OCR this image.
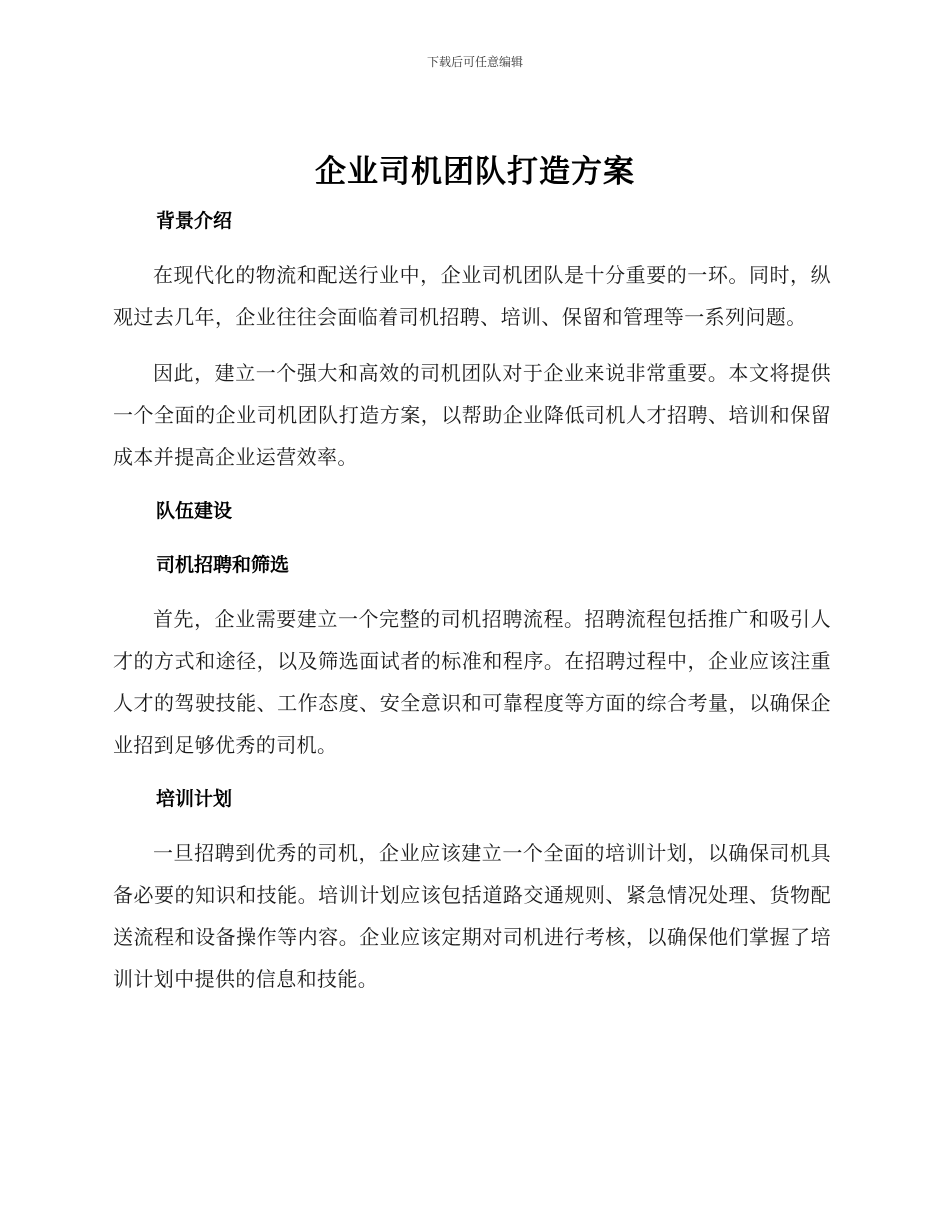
下载后可任意编辑
企业司机团队打造方案
背景介绍

在现代化的物流和配送行业中，企业司机团队是十分重要的一环。同时，纵观过去几年，企业往往会面临着司机招聘、培训、保留和管理等一系列问题。

因此，建立一个强大和高效的司机团队对于企业来说非常重要。本文将提供一个全面的企业司机团队打造方案，以帮助企业降低司机人才招聘、培训和保留成本并提高企业运营效率。

队伍建设
司机招聘和筛选

首先，企业需要建立一个完整的司机招聘流程。招聘流程包括推广和吸引人才的方式和途径，以及筛选面试者的标准和程序。在招聘过程中，企业应该注重人才的驾驶技能、工作态度、安全意识和可靠程度等方面的综合考量，以确保企业招到足够优秀的司机。

培训计划

一旦招聘到优秀的司机，企业应该建立一个全面的培训计划，以确保司机具备必要的知识和技能。培训计划应该包括道路交通规则、紧急情况处理、货物配送流程和设备操作等内容。企业应该定期对司机进行考核，以确保他们掌握了培训计划中提供的信息和技能。
